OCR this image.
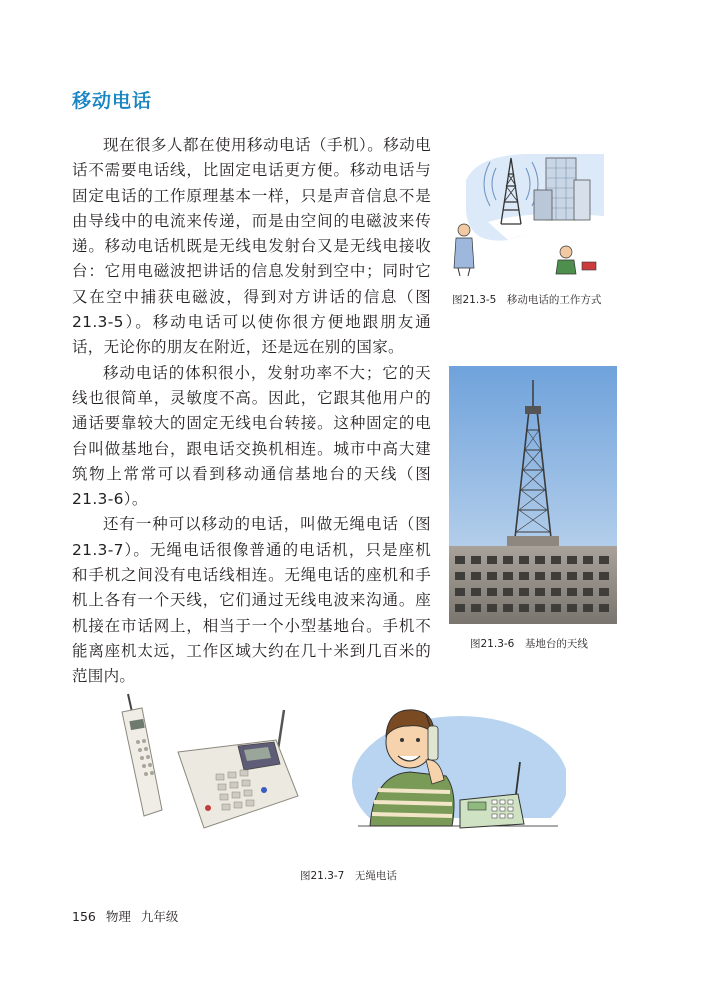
移动电话

现在很多人都在使用移动电话（手机）。移动电话不需要电话线，比固定电话更方便。移动电话与固定电话的工作原理基本一样，只是声音信息不是由导线中的电流来传递，而是由空间的电磁波来传递。移动电话机既是无线电发射台又是无线电接收台：它用电磁波把讲话的信息发射到空中；同时它又在空中捕获电磁波，得到对方讲话的信息（图21.3-5）。移动电话可以使你很方便地跟朋友通话，无论你的朋友在附近，还是远在别的国家。

移动电话的体积很小，发射功率不大；它的天线也很简单，灵敏度不高。因此，它跟其他用户的通话要靠较大的固定无线电台转接。这种固定的电台叫做基地台，跟电话交换机相连。城市中高大建筑物上常常可以看到移动通信基地台的天线（图21.3-6）。

还有一种可以移动的电话，叫做无绳电话（图21.3-7）。无绳电话很像普通的电话机，只是座机和手机之间没有电话线相连。无绳电话的座机和手机上各有一个天线，它们通过无线电波来沟通。座机接在市话网上，相当于一个小型基地台。手机不能离座机太远，工作区域大约在几十米到几百米的范围内。

图21.3-5　移动电话的工作方式
图21.3-6　基地台的天线
图21.3-7　无绳电话
156 物理 九年级
